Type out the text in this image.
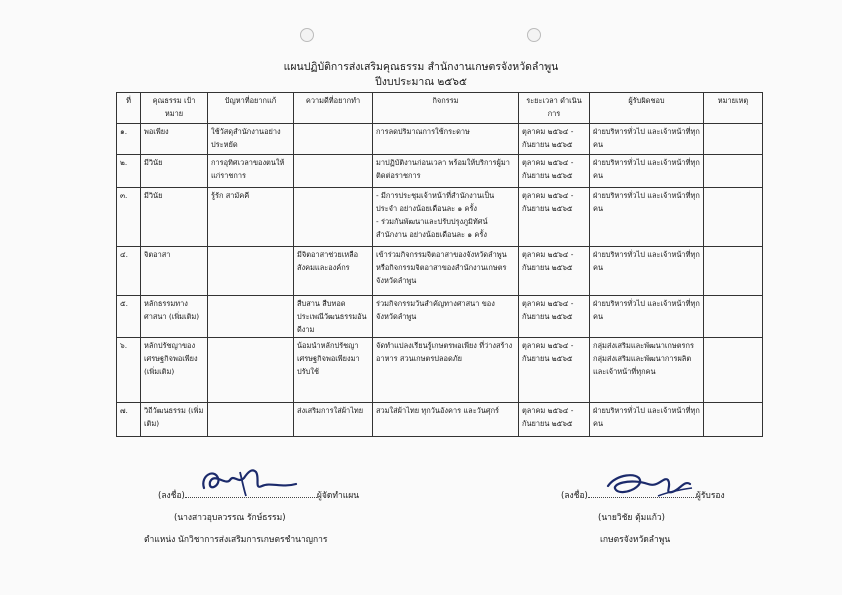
แผนปฏิบัติการส่งเสริมคุณธรรม สำนักงานเกษตรจังหวัดลำพูน
ปีงบประมาณ ๒๕๖๕
ที่	คุณธรรม เป้าหมาย	ปัญหาที่อยากแก้	ความดีที่อยากทำ	กิจกรรม	ระยะเวลา ดำเนินการ	ผู้รับผิดชอบ	หมายเหตุ
๑.	พอเพียง	ใช้วัสดุสำนักงานอย่างประหยัด		การลดปริมาณการใช้กระดาษ	ตุลาคม ๒๕๖๔ - กันยายน ๒๕๖๕	ฝ่ายบริหารทั่วไป และเจ้าหน้าที่ทุกคน	
๒.	มีวินัย	การอุทิศเวลาของตนให้แก่ราชการ		มาปฏิบัติงานก่อนเวลา พร้อมให้บริการผู้มาติดต่อราชการ	ตุลาคม ๒๕๖๔ - กันยายน ๒๕๖๕	ฝ่ายบริหารทั่วไป และเจ้าหน้าที่ทุกคน	
๓.	มีวินัย	รู้รัก สามัคคี		- มีการประชุมเจ้าหน้าที่สำนักงานเป็นประจำ อย่างน้อยเดือนละ ๑ ครั้ง
- ร่วมกันพัฒนาและปรับปรุงภูมิทัศน์สำนักงาน อย่างน้อยเดือนละ ๑ ครั้ง	ตุลาคม ๒๕๖๔ - กันยายน ๒๕๖๕	ฝ่ายบริหารทั่วไป และเจ้าหน้าที่ทุกคน	
๔.	จิตอาสา		มีจิตอาสาช่วยเหลือสังคมและองค์กร	เข้าร่วมกิจกรรมจิตอาสาของจังหวัดลำพูน หรือกิจกรรมจิตอาสาของสำนักงานเกษตรจังหวัดลำพูน	ตุลาคม ๒๕๖๔ - กันยายน ๒๕๖๕	ฝ่ายบริหารทั่วไป และเจ้าหน้าที่ทุกคน	
๕.	หลักธรรมทางศาสนา (เพิ่มเติม)		สืบสาน สืบทอดประเพณีวัฒนธรรมอันดีงาม	ร่วมกิจกรรมวันสำคัญทางศาสนา ของจังหวัดลำพูน	ตุลาคม ๒๕๖๔ - กันยายน ๒๕๖๕	ฝ่ายบริหารทั่วไป และเจ้าหน้าที่ทุกคน	
๖.	หลักปรัชญาของเศรษฐกิจพอเพียง (เพิ่มเติม)		น้อมนำหลักปรัชญาเศรษฐกิจพอเพียงมาปรับใช้	จัดทำแปลงเรียนรู้เกษตรพอเพียง ที่ว่างสร้างอาหาร สวนเกษตรปลอดภัย	ตุลาคม ๒๕๖๔ - กันยายน ๒๕๖๕	กลุ่มส่งเสริมและพัฒนาเกษตรกร กลุ่มส่งเสริมและพัฒนาการผลิต และเจ้าหน้าที่ทุกคน	
๗.	วิถีวัฒนธรรม (เพิ่มเติม)		ส่งเสริมการใส่ผ้าไทย	สวมใส่ผ้าไทย ทุกวันอังคาร และวันศุกร์	ตุลาคม ๒๕๖๔ - กันยายน ๒๕๖๕	ฝ่ายบริหารทั่วไป และเจ้าหน้าที่ทุกคน	
(ลงชื่อ)	ผู้จัดทำแผน
(นางสาวอุบลวรรณ รักษ์ธรรม)
ตำแหน่ง นักวิชาการส่งเสริมการเกษตรชำนาญการ
(ลงชื่อ)	ผู้รับรอง
(นายวิชัย ตุ้มแก้ว)
เกษตรจังหวัดลำพูน
